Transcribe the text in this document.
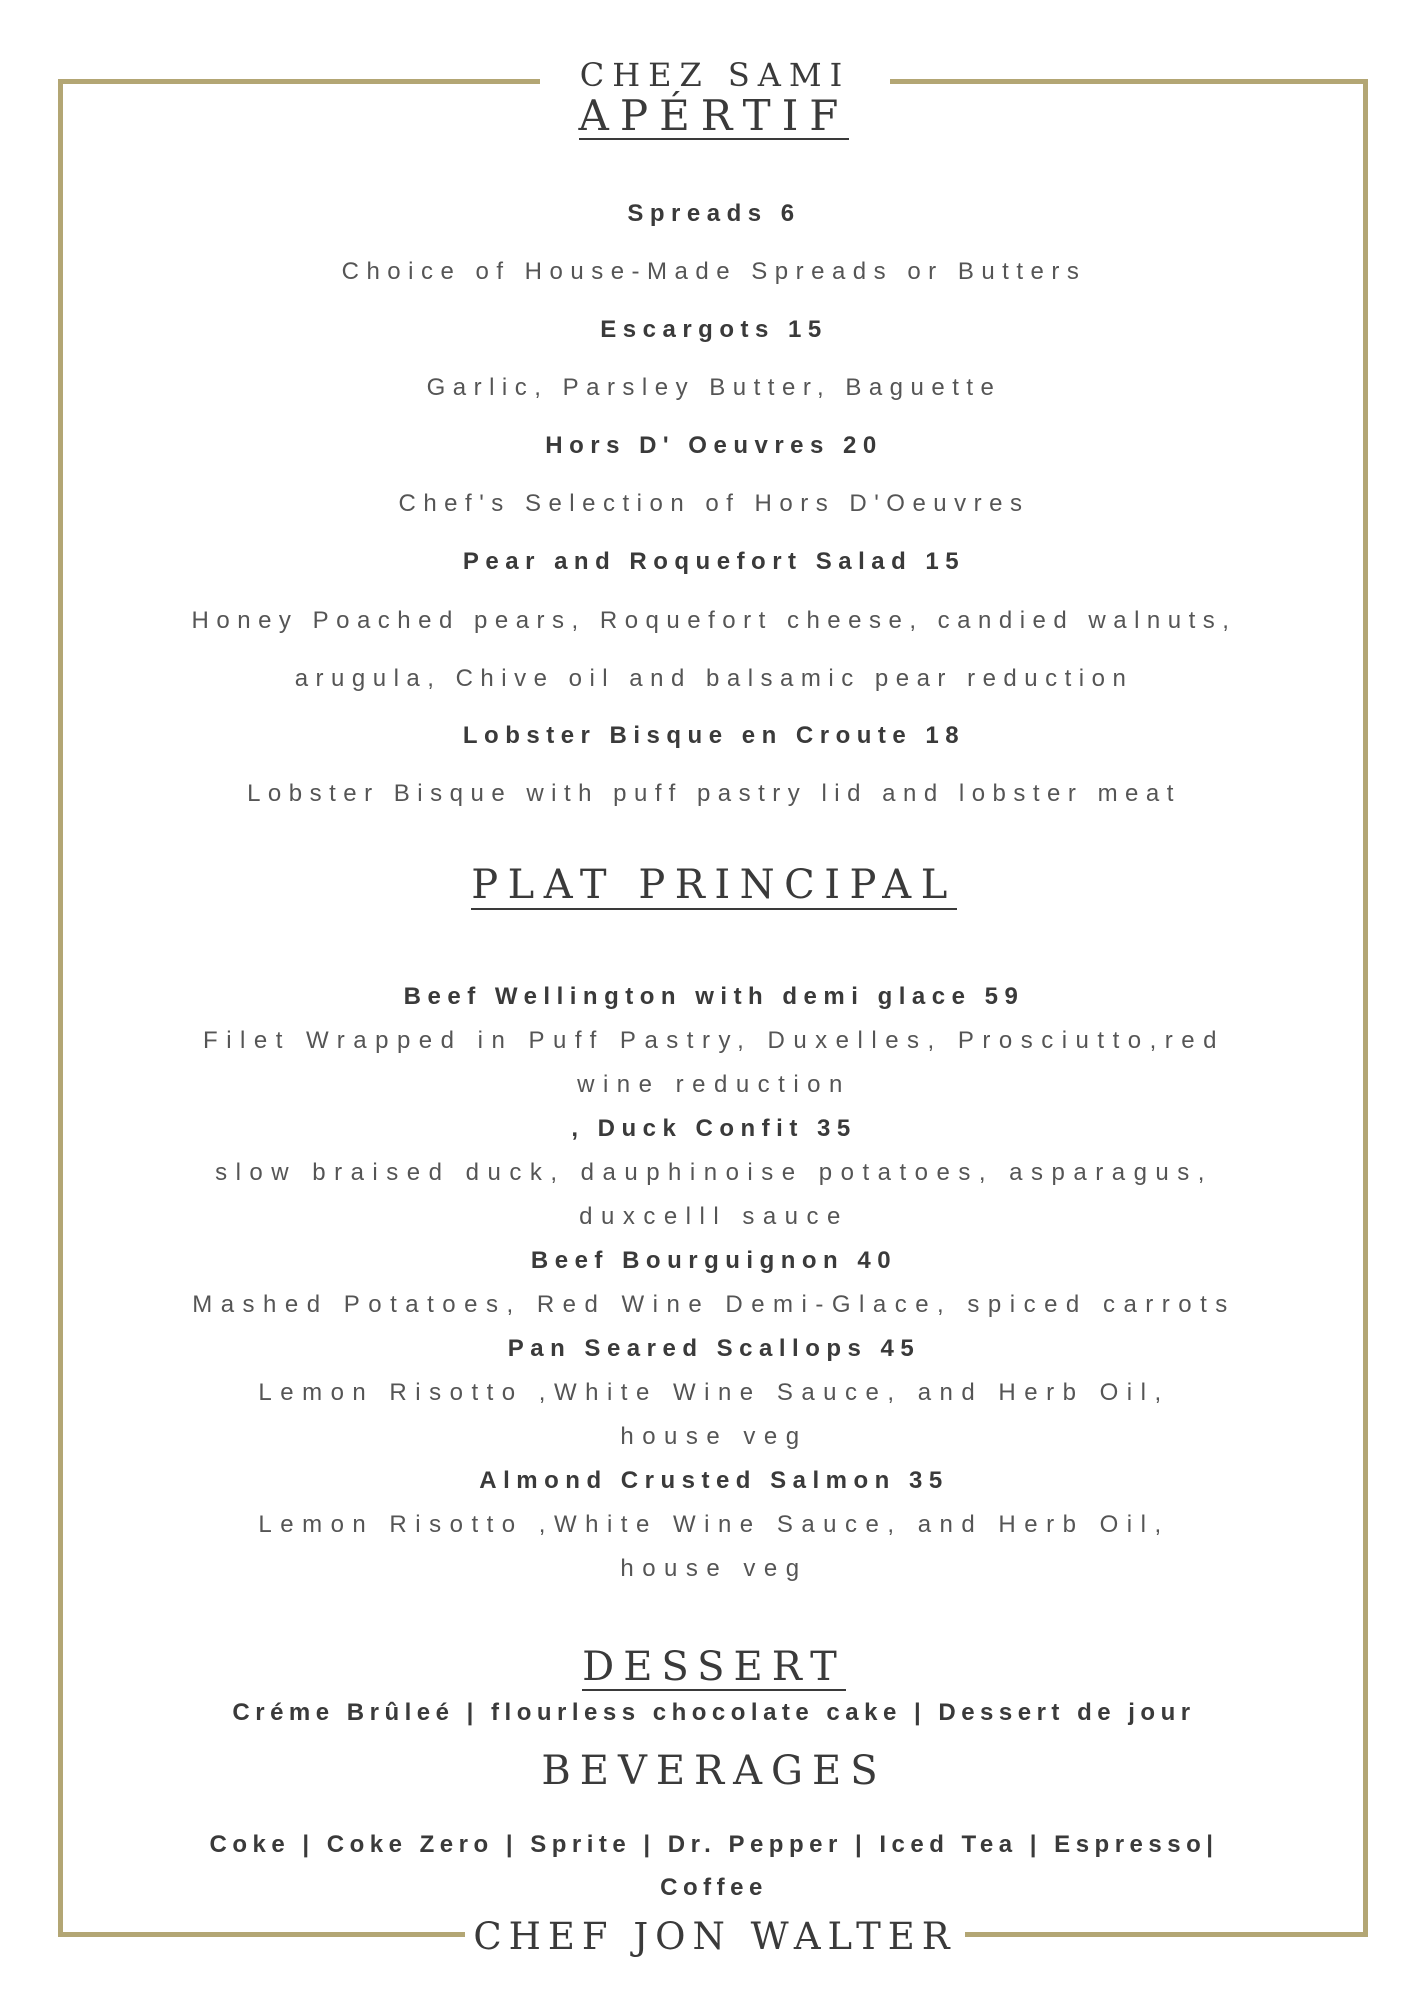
CHEZ SAMI
APÉRTIF
Spreads 6
Choice of House-Made Spreads or Butters
Escargots 15
Garlic, Parsley Butter, Baguette
Hors D' Oeuvres 20
Chef's Selection of Hors D'Oeuvres
Pear and Roquefort Salad 15
Honey Poached pears, Roquefort cheese, candied walnuts,
arugula, Chive oil and balsamic pear reduction
Lobster Bisque en Croute 18
Lobster Bisque with puff pastry lid and lobster meat
PLAT PRINCIPAL
Beef Wellington with demi glace 59
Filet Wrapped in Puff Pastry, Duxelles, Prosciutto,red
wine reduction
, Duck Confit 35
slow braised duck, dauphinoise potatoes, asparagus,
duxcelll sauce
Beef Bourguignon 40
Mashed Potatoes, Red Wine Demi-Glace, spiced carrots
Pan Seared Scallops 45
Lemon Risotto ,White Wine Sauce, and Herb Oil,
house veg
Almond Crusted Salmon 35
Lemon Risotto ,White Wine Sauce, and Herb Oil,
house veg
DESSERT
Créme Brûleé | flourless chocolate cake | Dessert de jour
BEVERAGES
Coke | Coke Zero | Sprite | Dr. Pepper | Iced Tea | Espresso|
Coffee
CHEF JON WALTER
